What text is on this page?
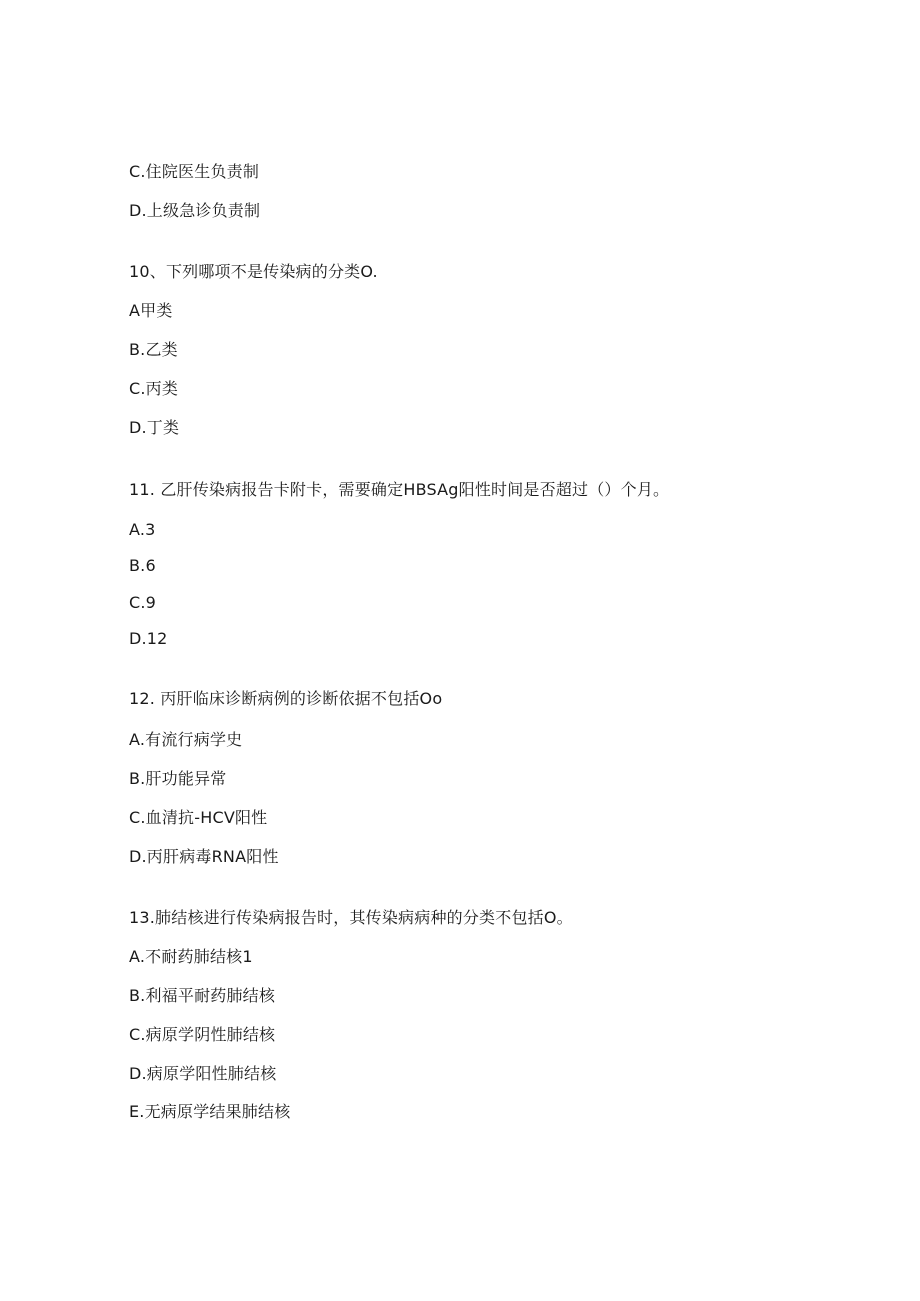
C.住院医生负责制
D.上级急诊负责制
10、下列哪项不是传染病的分类O.
A甲类
B.乙类
C.丙类
D.丁类
11. 乙肝传染病报告卡附卡，需要确定HBSAg阳性时间是否超过（）个月。
A.3
B.6
C.9
D.12
12. 丙肝临床诊断病例的诊断依据不包括Oo
A.有流行病学史
B.肝功能异常
C.血清抗-HCV阳性
D.丙肝病毒RNA阳性
13.肺结核进行传染病报告时，其传染病病种的分类不包括O。
A.不耐药肺结核1
B.利福平耐药肺结核
C.病原学阴性肺结核
D.病原学阳性肺结核
E.无病原学结果肺结核
